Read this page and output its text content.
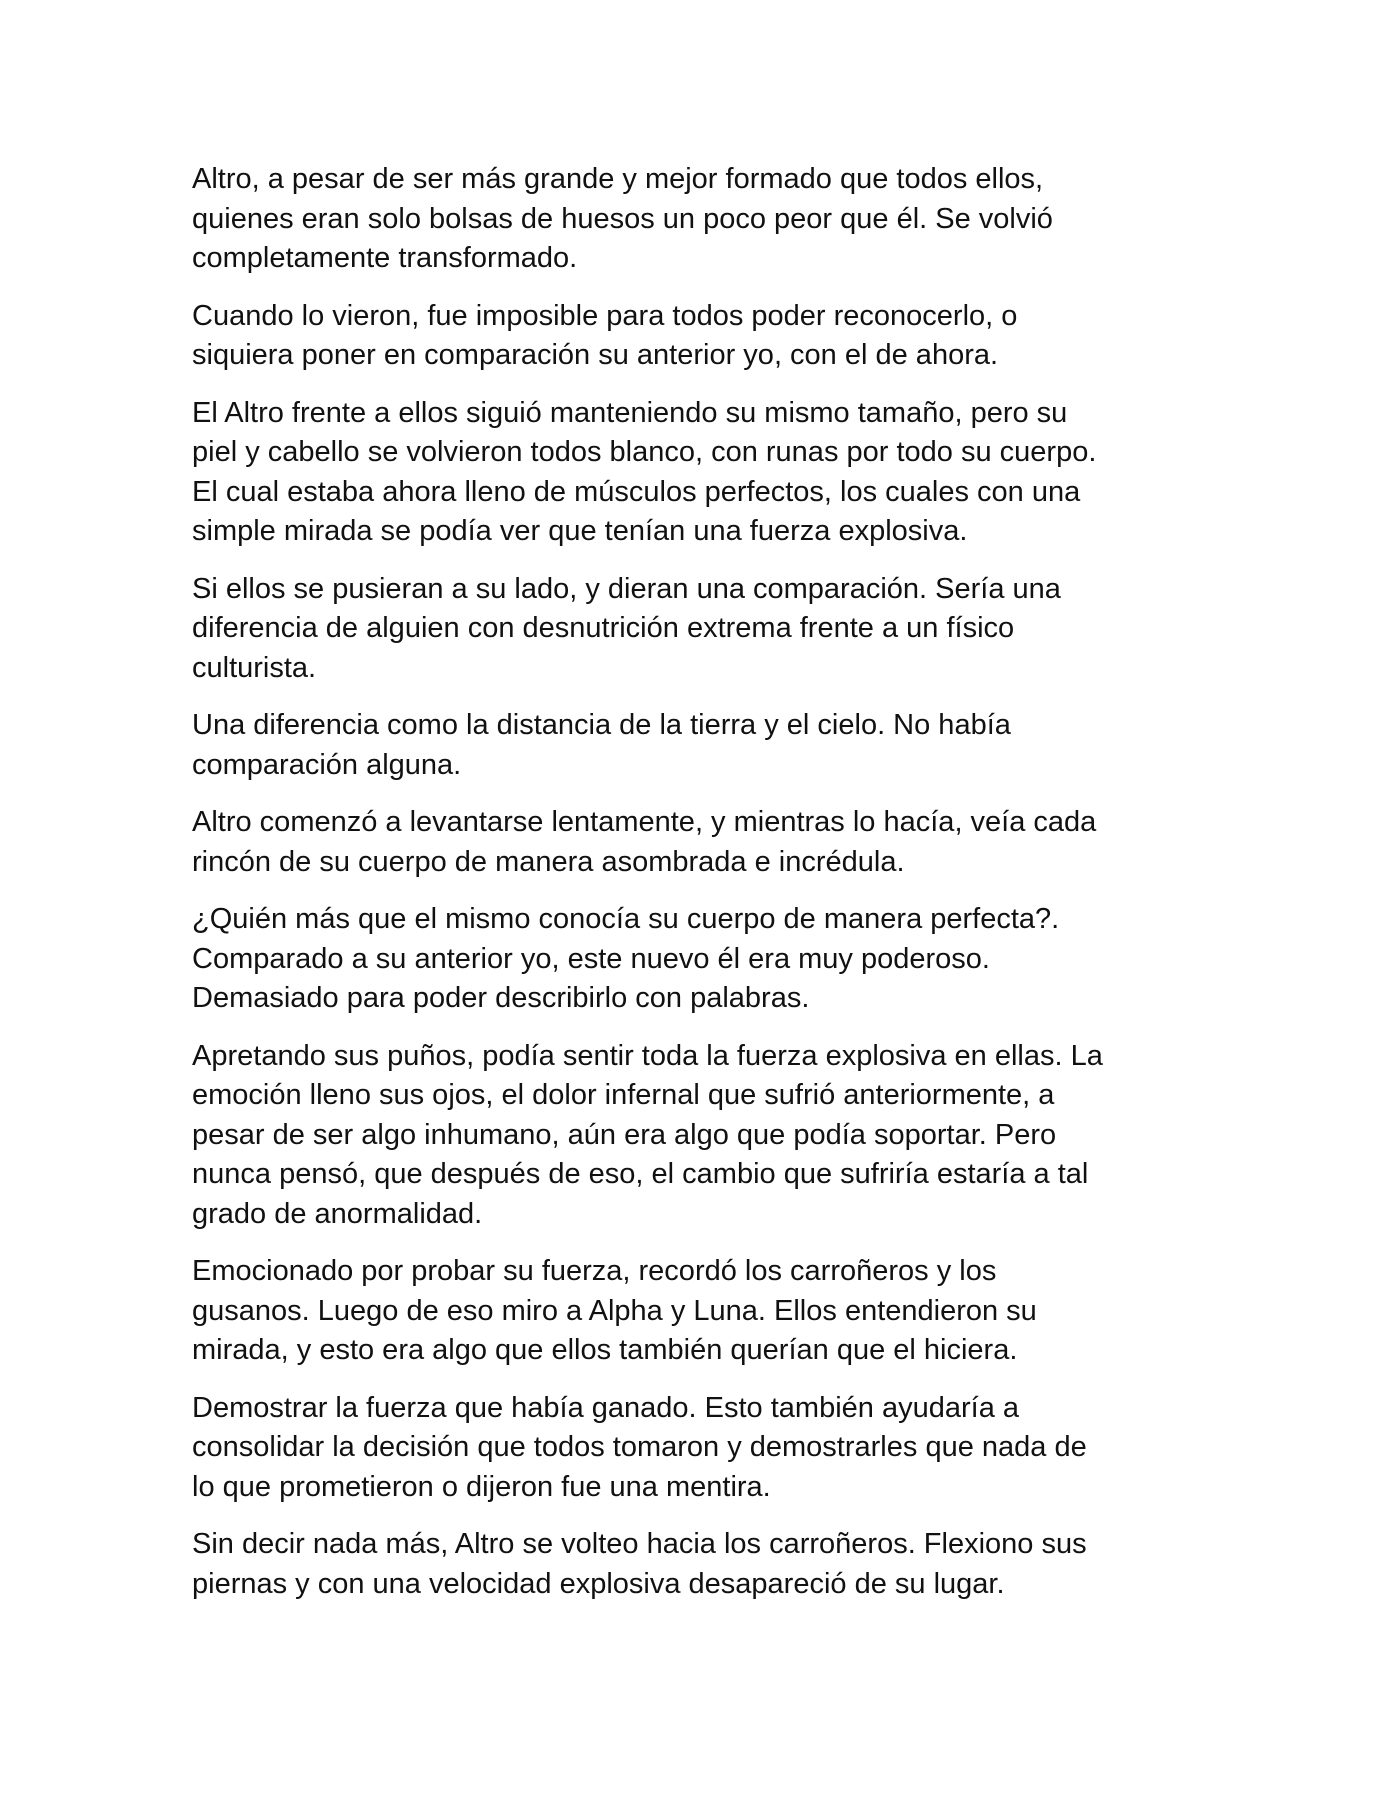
Altro, a pesar de ser más grande y mejor formado que todos ellos,
quienes eran solo bolsas de huesos un poco peor que él. Se volvió
completamente transformado.

Cuando lo vieron, fue imposible para todos poder reconocerlo, o
siquiera poner en comparación su anterior yo, con el de ahora.

El Altro frente a ellos siguió manteniendo su mismo tamaño, pero su
piel y cabello se volvieron todos blanco, con runas por todo su cuerpo.
El cual estaba ahora lleno de músculos perfectos, los cuales con una
simple mirada se podía ver que tenían una fuerza explosiva.

Si ellos se pusieran a su lado, y dieran una comparación. Sería una
diferencia de alguien con desnutrición extrema frente a un físico
culturista.

Una diferencia como la distancia de la tierra y el cielo. No había
comparación alguna.

Altro comenzó a levantarse lentamente, y mientras lo hacía, veía cada
rincón de su cuerpo de manera asombrada e incrédula.

¿Quién más que el mismo conocía su cuerpo de manera perfecta?.
Comparado a su anterior yo, este nuevo él era muy poderoso.
Demasiado para poder describirlo con palabras.

Apretando sus puños, podía sentir toda la fuerza explosiva en ellas. La
emoción lleno sus ojos, el dolor infernal que sufrió anteriormente, a
pesar de ser algo inhumano, aún era algo que podía soportar. Pero
nunca pensó, que después de eso, el cambio que sufriría estaría a tal
grado de anormalidad.

Emocionado por probar su fuerza, recordó los carroñeros y los
gusanos. Luego de eso miro a Alpha y Luna. Ellos entendieron su
mirada, y esto era algo que ellos también querían que el hiciera.

Demostrar la fuerza que había ganado. Esto también ayudaría a
consolidar la decisión que todos tomaron y demostrarles que nada de
lo que prometieron o dijeron fue una mentira.

Sin decir nada más, Altro se volteo hacia los carroñeros. Flexiono sus
piernas y con una velocidad explosiva desapareció de su lugar.
